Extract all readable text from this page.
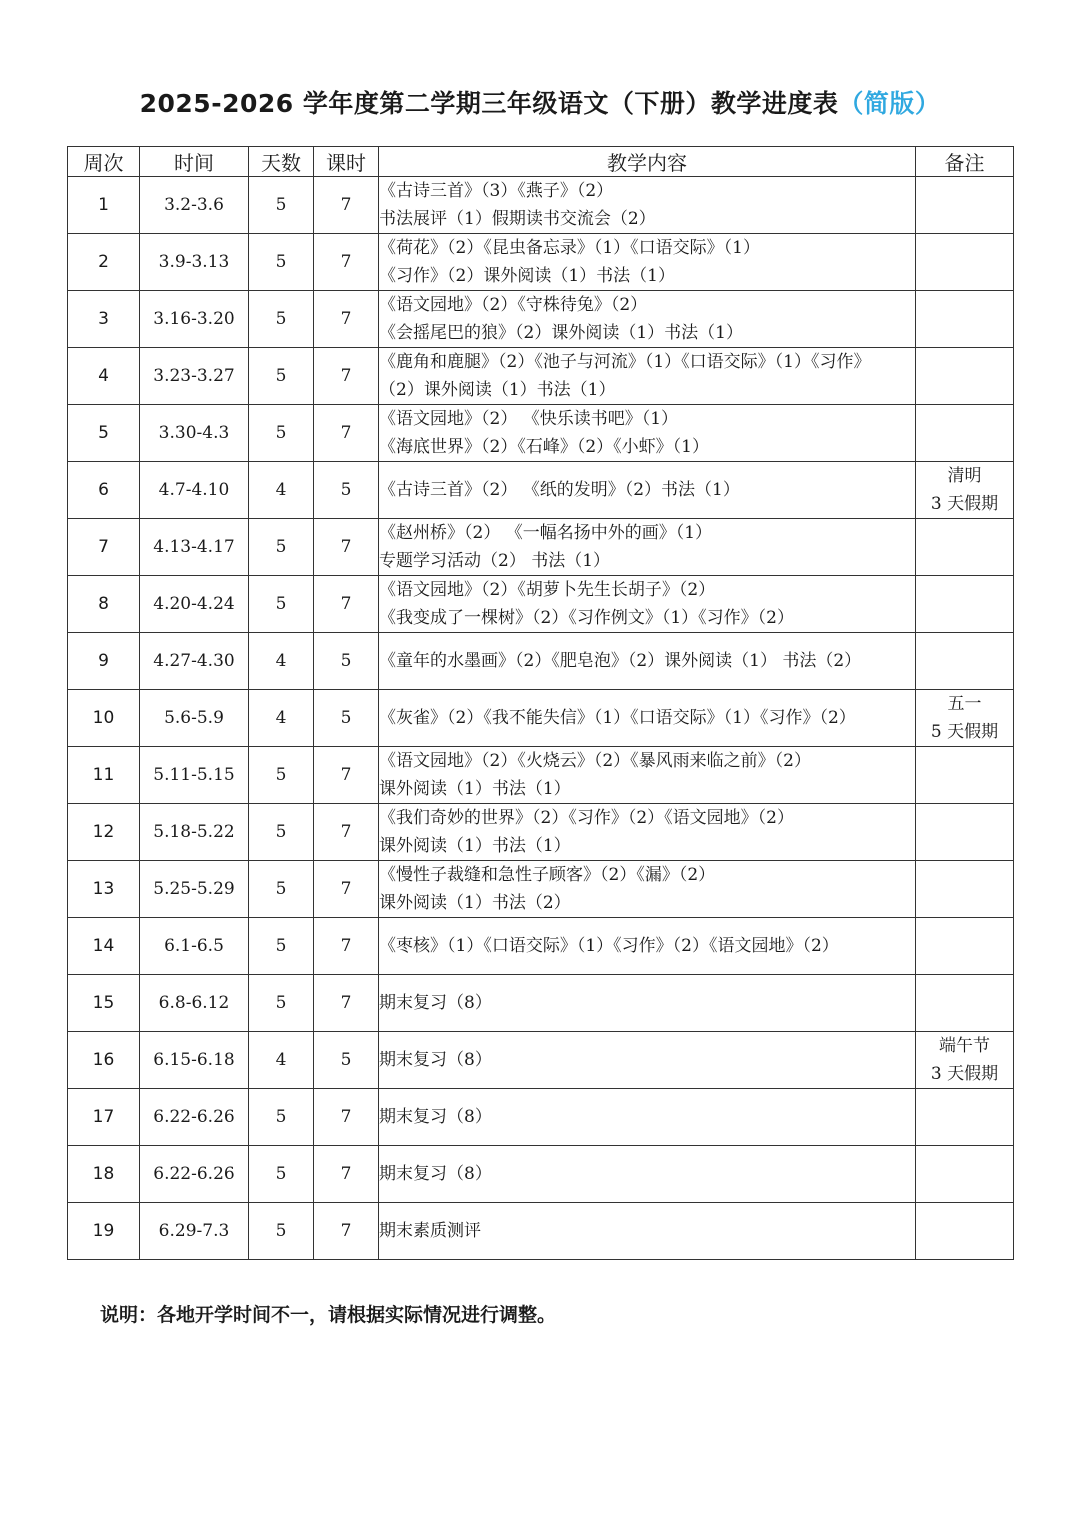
2025-2026 学年度第二学期三年级语文（下册）教学进度表（简版）
周次	时间	天数	课时	教学内容	备注
1	3.2-3.6	5	7	《古诗三首》（3）《燕子》（2）
书法展评（1）假期读书交流会（2）	

2	3.9-3.13	5	7	《荷花》（2）《昆虫备忘录》（1）《口语交际》（1）
《习作》（2）课外阅读（1）书法（1）	

3	3.16-3.20	5	7	《语文园地》（2）《守株待兔》（2）
《会摇尾巴的狼》（2）课外阅读（1）书法（1）	

4	3.23-3.27	5	7	《鹿角和鹿腿》（2）《池子与河流》（1）《口语交际》（1）《习作》
（2）课外阅读（1）书法（1）	

5	3.30-4.3	5	7	《语文园地》（2） 《快乐读书吧》（1）
《海底世界》（2）《石峰》（2）《小虾》（1）	

6	4.7-4.10	4	5	《古诗三首》（2） 《纸的发明》（2）书法（1）	清明
3 天假期

7	4.13-4.17	5	7	《赵州桥》（2） 《一幅名扬中外的画》（1）
专题学习活动（2） 书法（1）	

8	4.20-4.24	5	7	《语文园地》（2）《胡萝卜先生长胡子》（2）
《我变成了一棵树》（2）《习作例文》（1）《习作》（2）	

9	4.27-4.30	4	5	《童年的水墨画》（2）《肥皂泡》（2）课外阅读（1） 书法（2）	

10	5.6-5.9	4	5	《灰雀》（2）《我不能失信》（1）《口语交际》（1）《习作》（2）	五一
5 天假期

11	5.11-5.15	5	7	《语文园地》（2）《火烧云》（2）《暴风雨来临之前》（2）
课外阅读（1）书法（1）	

12	5.18-5.22	5	7	《我们奇妙的世界》（2）《习作》（2）《语文园地》（2）
课外阅读（1）书法（1）	

13	5.25-5.29	5	7	《慢性子裁缝和急性子顾客》（2）《漏》（2）
课外阅读（1）书法（2）	

14	6.1-6.5	5	7	《枣核》（1）《口语交际》（1）《习作》（2）《语文园地》（2）	

15	6.8-6.12	5	7	期末复习（8）	

16	6.15-6.18	4	5	期末复习（8）	端午节
3 天假期

17	6.22-6.26	5	7	期末复习（8）	

18	6.22-6.26	5	7	期末复习（8）	

19	6.29-7.3	5	7	期末素质测评	

说明：各地开学时间不一，请根据实际情况进行调整。
